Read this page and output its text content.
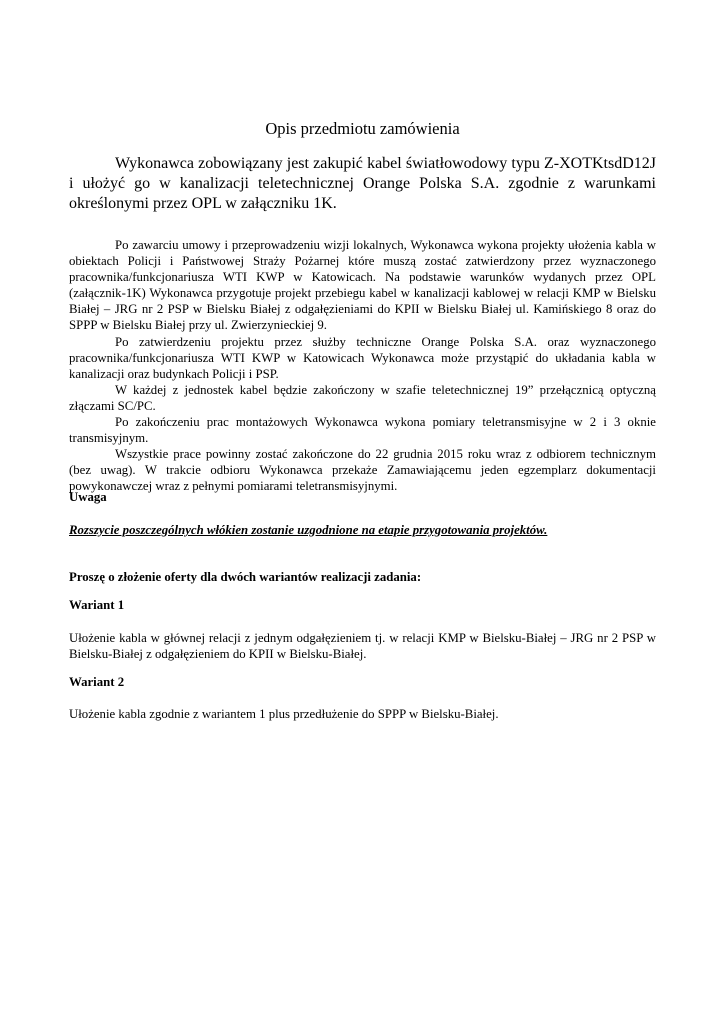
Opis przedmiotu zamówienia

Wykonawca zobowiązany jest zakupić kabel światłowodowy typu Z-XOTKtsdD12J i ułożyć go w kanalizacji teletechnicznej Orange Polska S.A. zgodnie z warunkami określonymi przez OPL w załączniku 1K.

Po zawarciu umowy i przeprowadzeniu wizji lokalnych, Wykonawca wykona projekty ułożenia kabla w obiektach Policji i Państwowej Straży Pożarnej które muszą zostać zatwierdzony przez wyznaczonego pracownika/funkcjonariusza WTI KWP w Katowicach. Na podstawie warunków wydanych przez OPL (załącznik-1K) Wykonawca przygotuje projekt przebiegu kabel w kanalizacji kablowej w relacji KMP w Bielsku Białej – JRG nr 2 PSP w Bielsku Białej z odgałęzieniami do KPII w Bielsku Białej ul. Kamińskiego 8 oraz do SPPP w Bielsku Białej przy ul. Zwierzynieckiej 9.

Po zatwierdzeniu projektu przez służby techniczne Orange Polska S.A. oraz wyznaczonego pracownika/funkcjonariusza WTI KWP w Katowicach Wykonawca może przystąpić do układania kabla w kanalizacji oraz budynkach Policji i PSP.

W każdej z jednostek kabel będzie zakończony w szafie teletechnicznej 19” przełącznicą optyczną złączami SC/PC.

Po zakończeniu prac montażowych Wykonawca wykona pomiary teletransmisyjne w 2 i 3 oknie transmisyjnym.

Wszystkie prace powinny zostać zakończone do 22 grudnia 2015 roku wraz z odbiorem technicznym (bez uwag). W trakcie odbioru Wykonawca przekaże Zamawiającemu jeden egzemplarz dokumentacji powykonawczej wraz z pełnymi pomiarami teletransmisyjnymi.

Uwaga

Rozszycie poszczególnych włókien zostanie uzgodnione na etapie przygotowania projektów.

Proszę o złożenie oferty dla dwóch wariantów realizacji zadania:

Wariant 1

Ułożenie kabla w głównej relacji z jednym odgałęzieniem tj. w relacji KMP w Bielsku-Białej – JRG nr 2 PSP w Bielsku-Białej z odgałęzieniem do KPII w Bielsku-Białej.

Wariant 2

Ułożenie kabla zgodnie z wariantem 1 plus przedłużenie do SPPP w Bielsku-Białej.
